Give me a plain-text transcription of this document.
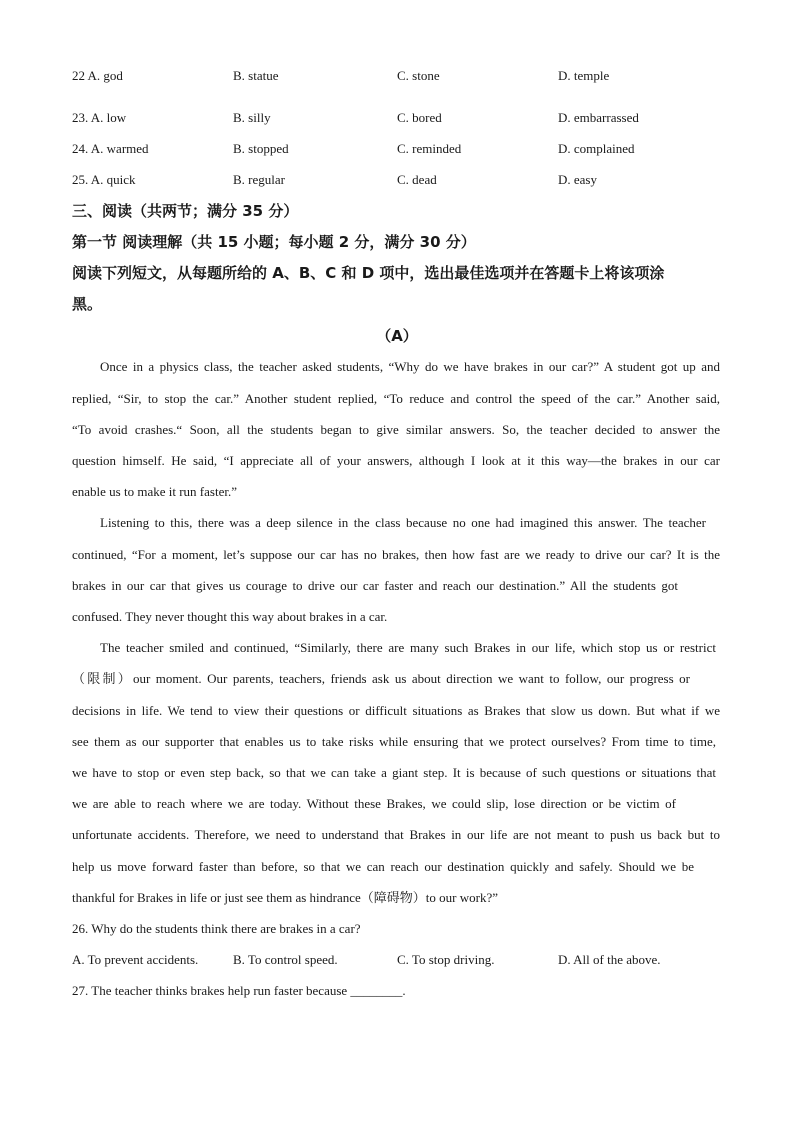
22 A. god	B. statue	C. stone	D. temple
23. A. low	B. silly	C. bored	D. embarrassed
24. A. warmed	B. stopped	C. reminded	D. complained
25. A. quick	B. regular	C. dead	D. easy
三、阅读（共两节；满分 35 分）
第一节 阅读理解（共 15 小题；每小题 2 分，满分 30 分）
阅读下列短文，从每题所给的 A、B、C 和 D 项中，选出最佳选项并在答题卡上将该项涂
黑。
（A）
Once in a physics class, the teacher asked students, “Why do we have brakes in our car?” A student got up and
replied, “Sir, to stop the car.” Another student replied, “To reduce and control the speed of the car.” Another said,
“To avoid crashes.“ Soon, all the students began to give similar answers. So, the teacher decided to answer the
question himself. He said, “I appreciate all of your answers, although I look at it this way—the brakes in our car
enable us to make it run faster.”
Listening to this, there was a deep silence in the class because no one had imagined this answer. The teacher
continued, “For a moment, let’s suppose our car has no brakes, then how fast are we ready to drive our car? It is the
brakes in our car that gives us courage to drive our car faster and reach our destination.” All the students got
confused. They never thought this way about brakes in a car.
The teacher smiled and continued, “Similarly, there are many such Brakes in our life, which stop us or restrict
（限制）our moment. Our parents, teachers, friends ask us about direction we want to follow, our progress or
decisions in life. We tend to view their questions or difficult situations as Brakes that slow us down. But what if we
see them as our supporter that enables us to take risks while ensuring that we protect ourselves? From time to time,
we have to stop or even step back, so that we can take a giant step. It is because of such questions or situations that
we are able to reach where we are today. Without these Brakes, we could slip, lose direction or be victim of
unfortunate accidents. Therefore, we need to understand that Brakes in our life are not meant to push us back but to
help us move forward faster than before, so that we can reach our destination quickly and safely. Should we be
thankful for Brakes in life or just see them as hindrance（障碍物）to our work?”
26. Why do the students think there are brakes in a car?
A. To prevent accidents.	B. To control speed.	C. To stop driving.	D. All of the above.
27. The teacher thinks brakes help run faster because ________.
